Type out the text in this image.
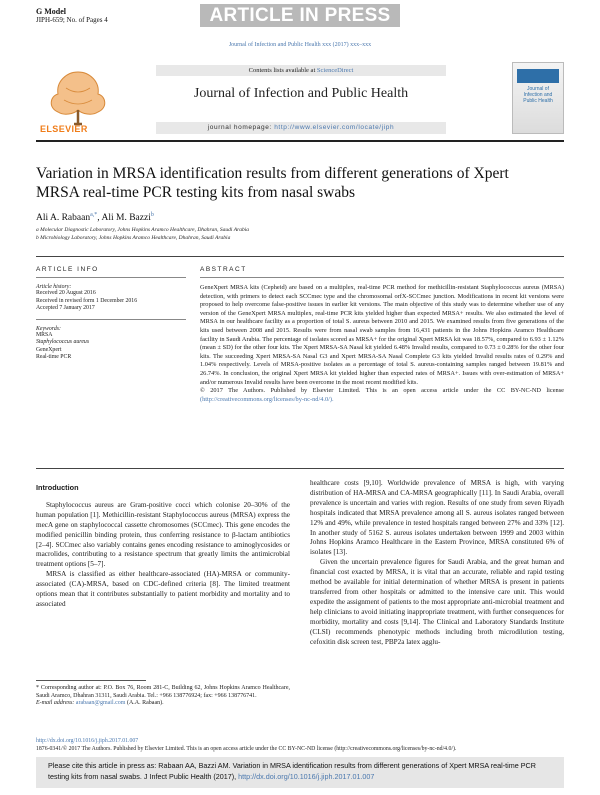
G Model
JIPH-659; No. of Pages 4	ARTICLE IN PRESS
Journal of Infection and Public Health xxx (2017) xxx–xxx
ELSEVIER
Contents lists available at ScienceDirect
Journal of Infection and Public Health
journal homepage: http://www.elsevier.com/locate/jiph
Journal of Infection and Public Health
Variation in MRSA identification results from different generations of Xpert MRSA real-time PCR testing kits from nasal swabs
Ali A. Rabaan$^{a,*}$, Ali M. Bazzi$^b$
a Molecular Diagnostic Laboratory, Johns Hopkins Aramco Healthcare, Dhahran, Saudi Arabia
b Microbiology Laboratory, Johns Hopkins Aramco Healthcare, Dhahran, Saudi Arabia
ARTICLE INFO
Article history:
Received 20 August 2016
Received in revised form 1 December 2016
Accepted 7 January 2017
Keywords:
MRSA
Staphylococcus aureus
GeneXpert
Real-time PCR
ABSTRACT
GeneXpert MRSA kits (Cepheid) are based on a multiplex, real-time PCR method for methicillin-resistant Staphylococcus aureus (MRSA) detection, with primers to detect each SCCmec type and the chromosomal orfX-SCCmec junction. Modifications in recent kit versions were proposed to help overcome false-positive issues in earlier kit versions. The main objective of this study was to determine whether use of any version of the GeneXpert MRSA multiplex, real-time PCR kits yielded higher than expected MRSA+ results. We also estimated the level of MRSA in our healthcare facility as a proportion of total S. aureus between 2010 and 2015. We examined results from five generations of the kits used between 2008 and 2015. Results were from nasal swab samples from 16,431 patients in the Johns Hopkins Aramco Healthcare facility in Saudi Arabia. The percentage of isolates scored as MRSA+ for the original Xpert MRSA kit was 18.57%, compared to 6.93 ± 1.12% (mean ± SD) for the other four kits. The Xpert MRSA-SA Nasal kit yielded 6.48% Invalid results, compared to 0.73 ± 0.28% for the other four kits. The succeeding Xpert MRSA-SA Nasal G3 and Xpert MRSA-SA Nasal Complete G3 kits yielded Invalid results rates of 0.29% and 1.04% respectively. Levels of MRSA-positive isolates as a percentage of total S. aureus-containing samples ranged between 19.81% and 26.74%. In conclusion, the original Xpert MRSA kit yielded higher than expected rates of MRSA+. Issues with over-estimation of MRSA+ and/or numerous Invalid results have been overcome in the most recent modified kits.
© 2017 The Authors. Published by Elsevier Limited. This is an open access article under the CC BY-NC-ND license (http://creativecommons.org/licenses/by-nc-nd/4.0/).
Introduction

Staphylococcus aureus are Gram-positive cocci which colonise 20–30% of the human population [1]. Methicillin-resistant Staphylococcus aureus (MRSA) express the mecA gene on staphylococcal cassette chromosomes (SCCmec). This gene encodes the modified penicillin binding protein, thus conferring resistance to β-lactam antibiotics [2–4]. SCCmec also variably contains genes encoding resistance to aminoglycosides or macrolides, contributing to a resistance spectrum that greatly limits the antimicrobial treatment options [5–7].

MRSA is classified as either healthcare-associated (HA)-MRSA or community-associated (CA)-MRSA, based on CDC-defined criteria [8]. The limited treatment options mean that it contributes substantially to patient morbidity and mortality and to associated

healthcare costs [9,10]. Worldwide prevalence of MRSA is high, with varying distribution of HA-MRSA and CA-MRSA geographically [11]. In Saudi Arabia, overall prevalence is uncertain and varies with region. Results of one study from seven Riyadh hospitals indicated that MRSA prevalence among all S. aureus isolates ranged between 12% and 49%, while prevalence in tested hospitals ranged between 27% and 33% [12]. In another study of 5162 S. aureus isolates undertaken between 1999 and 2003 within Johns Hopkins Aramco Healthcare in the Eastern Province, MRSA constituted 6% of isolates [13].

Given the uncertain prevalence figures for Saudi Arabia, and the great human and financial cost exacted by MRSA, it is vital that an accurate, reliable and rapid testing method be available for initial determination of whether MRSA is present in patients transferred from other hospitals or admitted to the intensive care unit. This would expedite the assignment of patients to the most appropriate anti-microbial treatment and help clinicians to avoid initiating inappropriate treatment, with further consequences for morbidity, mortality and costs [9,14]. The Clinical and Laboratory Standards Institute (CLSI) recommends phenotypic methods including broth microdilution testing, cefoxitin disk screen test, PBP2a latex agglu-

* Corresponding author at: P.O. Box 76, Room 281-C, Building 62, Johns Hopkins Aramco Healthcare, Saudi Aramco, Dhahran 31311, Saudi Arabia. Tel.: +966 138776924; fax: +966 138776741.
E-mail address: arabaan@gmail.com (A.A. Rabaan).
http://dx.doi.org/10.1016/j.jiph.2017.01.007
1876-0341/© 2017 The Authors. Published by Elsevier Limited. This is an open access article under the CC BY-NC-ND license (http://creativecommons.org/licenses/by-nc-nd/4.0/).
Please cite this article in press as: Rabaan AA, Bazzi AM. Variation in MRSA identification results from different generations of Xpert MRSA real-time PCR testing kits from nasal swabs. J Infect Public Health (2017), http://dx.doi.org/10.1016/j.jiph.2017.01.007
